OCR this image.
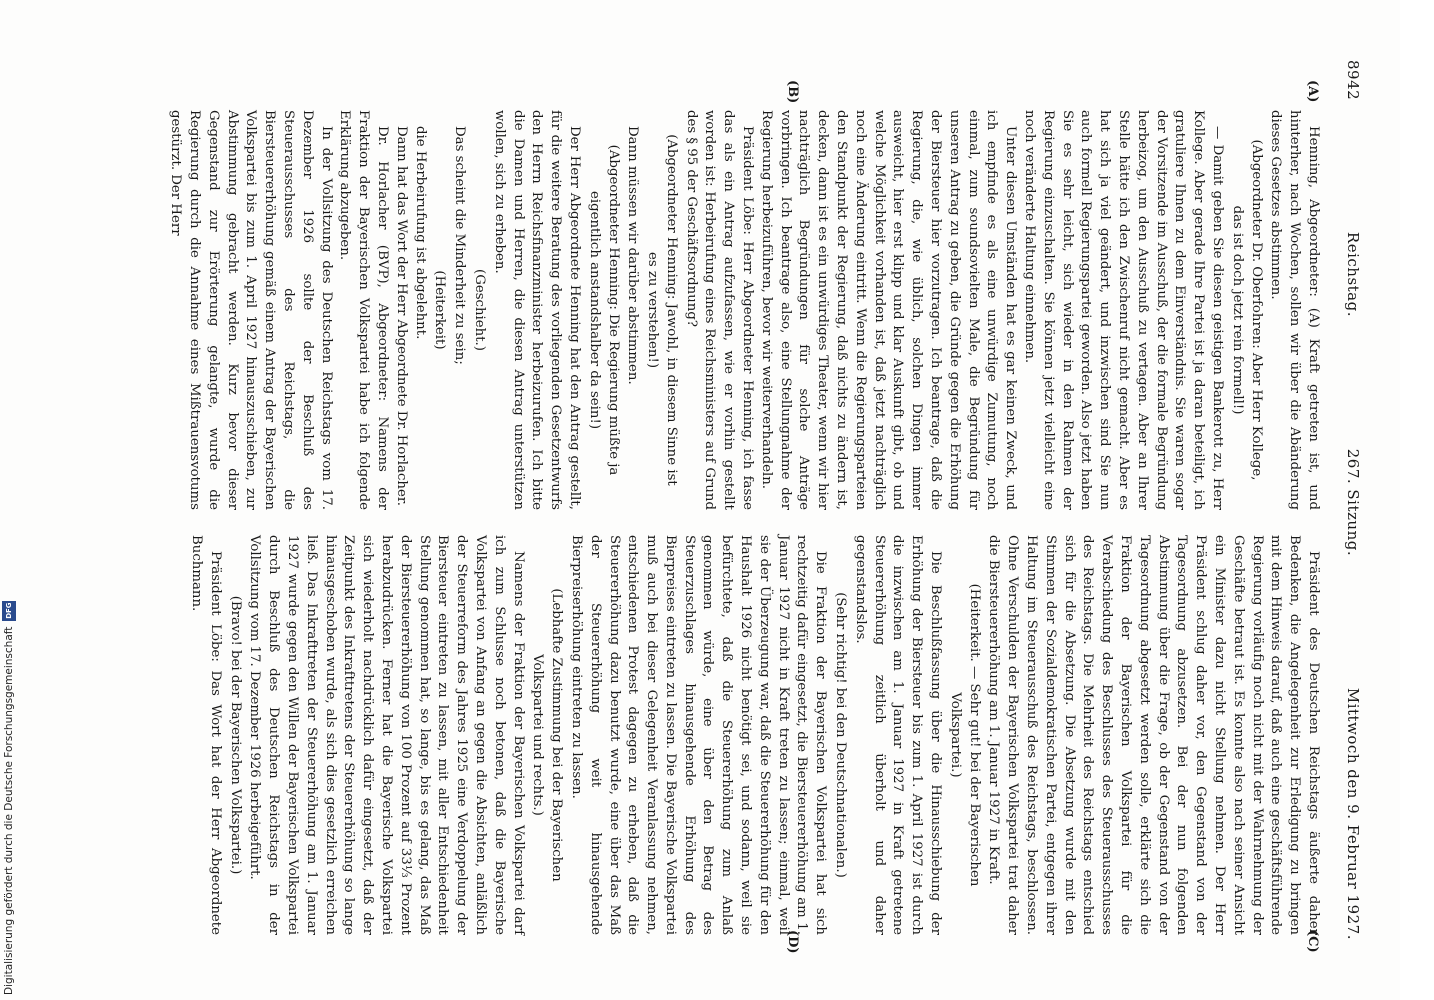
8942
Reichstag.
267. Sitzung.
Mittwoch den 9. Februar 1927.
(A)
(B)
(C)
(D)

Henning, Abgeordneter: (A) Kraft getreten ist, und hinterher, nach Wochen, sollen wir über die Abänderung dieses Gesetzes abstimmen.

(Abgeordneter Dr. Oberfohren: Aber Herr Kollege, das ist doch jetzt rein formell!)

— Damit geben Sie diesen geistigen Bankerott zu, Herr Kollege. Aber gerade Ihre Partei ist ja daran beteiligt, ich gratuliere Ihnen zu dem Einverständnis. Sie waren sogar der Vorsitzende im Ausschuß, der die formale Begründung herbeizog, um den Ausschuß zu vertagen. Aber an Ihrer Stelle hätte ich den Zwischenruf nicht gemacht. Aber es hat sich ja viel geändert, und inzwischen sind Sie nun auch formell Regierungspartei geworden. Also jetzt haben Sie es sehr leicht, sich wieder in den Rahmen der Regierung einzuschalten. Sie können jetzt vielleicht eine noch veränderte Haltung einnehmen.

Unter diesen Umständen hat es gar keinen Zweck, und ich empfinde es als eine unwürdige Zumutung, noch einmal, zum soundsovielten Male, die Begründung für unseren Antrag zu geben, die Gründe gegen die Erhöhung der Biersteuer hier vorzutragen. Ich beantrage, daß die Regierung, die, wie üblich, solchen Dingen immer ausweicht, hier erst klipp und klar Auskunft gibt, ob und welche Möglichkeit vorhanden ist, daß jetzt nachträglich noch eine Änderung eintritt. Wenn die Regierungsparteien den Standpunkt der Regierung, daß nichts zu ändern ist, decken, dann ist es ein unwürdiges Theater, wenn wir hier nachträglich Begründungen für solche Anträge vorbringen. Ich beantrage also, eine Stellungnahme der Regierung herbeizuführen, bevor wir weiterverhandeln.

Präsident Löbe: Herr Abgeordneter Henning, ich fasse das als ein Antrag aufzufassen, wie er vorhin gestellt worden ist: Herbeirufung eines Reichsministers auf Grund des § 95 der Geschäftsordnung?

(Abgeordneter Henning: Jawohl, in diesem Sinne ist es zu verstehen!)

Dann müssen wir darüber abstimmen.

(Abgeordneter Henning: Die Regierung müßte ja eigentlich anstandshalber da sein!)

Der Herr Abgeordnete Henning hat den Antrag gestellt, für die weitere Beratung des vorliegenden Gesetzentwurfs den Herrn Reichsfinanzminister herbeizurufen. Ich bitte die Damen und Herren, die diesen Antrag unterstützen wollen, sich zu erheben.

(Geschieht.)

Das scheint die Minderheit zu sein;

(Heiterkeit)

die Herbeirufung ist abgelehnt.

Dann hat das Wort der Herr Abgeordnete Dr. Horlacher.

Dr. Horlacher (BVP), Abgeordneter: Namens der Fraktion der Bayerischen Volkspartei habe ich folgende Erklärung abzugeben.

In der Vollsitzung des Deutschen Reichstags vom 17. Dezember 1926 sollte der Beschluß des Steuerausschusses des Reichstags, die Biersteuererhöhung gemäß einem Antrag der Bayerischen Volkspartei bis zum 1. April 1927 hinauszuschieben, zur Abstimmung gebracht werden. Kurz bevor dieser Gegenstand zur Erörterung gelangte, wurde die Regierung durch die Annahme eines Mißtrauensvotums gestürzt. Der Herr

Präsident des Deutschen Reichstags äußerte daher Bedenken, die Angelegenheit zur Erledigung zu bringen mit dem Hinweis darauf, daß auch eine geschäftsführende Regierung vorläufig noch nicht mit der Wahrnehmung der Geschäfte betraut ist. Es konnte also nach seiner Ansicht ein Minister dazu nicht Stellung nehmen. Der Herr Präsident schlug daher vor, den Gegenstand von der Tagesordnung abzusetzen. Bei der nun folgenden Abstimmung über die Frage, ob der Gegenstand von der Tagesordnung abgesetzt werden solle, erklärte sich die Fraktion der Bayerischen Volkspartei für die Verabschiedung des Beschlusses des Steuerausschusses des Reichstags. Die Mehrheit des Reichstags entschied sich für die Absetzung. Die Absetzung wurde mit den Stimmen der Sozialdemokratischen Partei, entgegen ihrer Haltung im Steuerausschuß des Reichstags, beschlossen. Ohne Verschulden der Bayerischen Volkspartei trat daher die Biersteuererhöhung am 1. Januar 1927 in Kraft.

(Heiterkeit. — Sehr gut! bei der Bayerischen Volkspartei.)

Die Beschlußfassung über die Hinausschiebung der Erhöhung der Biersteuer bis zum 1. April 1927 ist durch die inzwischen am 1. Januar 1927 in Kraft getretene Steuererhöhung zeitlich überholt und daher gegenstandslos.

(Sehr richtig! bei den Deutschnationalen.)

Die Fraktion der Bayerischen Volkspartei hat sich rechtzeitig dafür eingesetzt, die Biersteuererhöhung am 1. Januar 1927 nicht in Kraft treten zu lassen; einmal, weil sie der Überzeugung war, daß die Steuererhöhung für den Haushalt 1926 nicht benötigt sei, und sodann, weil sie befürchtete, daß die Steuererhöhung zum Anlaß genommen würde, eine über den Betrag des Steuerzuschlages hinausgehende Erhöhung des Bierpreises eintreten zu lassen. Die Bayerische Volkspartei muß auch bei dieser Gelegenheit Veranlassung nehmen, entschiedenen Protest dagegen zu erheben, daß die Steuererhöhung dazu benutzt wurde, eine über das Maß der Steuererhöhung weit hinausgehende Bierpreiserhöhung eintreten zu lassen.

(Lebhafte Zustimmung bei der Bayerischen Volkspartei und rechts.)

Namens der Fraktion der Bayerischen Volkspartei darf ich zum Schlusse noch betonen, daß die Bayerische Volkspartei von Anfang an gegen die Absichten, anläßlich der Steuerreform des Jahres 1925 eine Verdoppelung der Biersteuer eintreten zu lassen, mit aller Entschiedenheit Stellung genommen hat, so lange, bis es gelang, das Maß der Biersteuererhöhung von 100 Prozent auf 33⅓ Prozent herabzudrücken. Ferner hat die Bayerische Volkspartei sich wiederholt nachdrücklich dafür eingesetzt, daß der Zeitpunkt des Inkrafttretens der Steuererhöhung so lange hinausgeschoben wurde, als sich dies gesetzlich erreichen ließ. Das Inkrafttreten der Steuererhöhung am 1. Januar 1927 wurde gegen den Willen der Bayerischen Volkspartei durch Beschluß des Deutschen Reichstags in der Vollsitzung vom 17. Dezember 1926 herbeigeführt.

(Bravo! bei der Bayerischen Volkspartei.)

Präsident Löbe: Das Wort hat der Herr Abgeordnete Buchmann.

Digitalisierung gefördert durch die Deutsche Forschungsgemeinschaft
DFG
